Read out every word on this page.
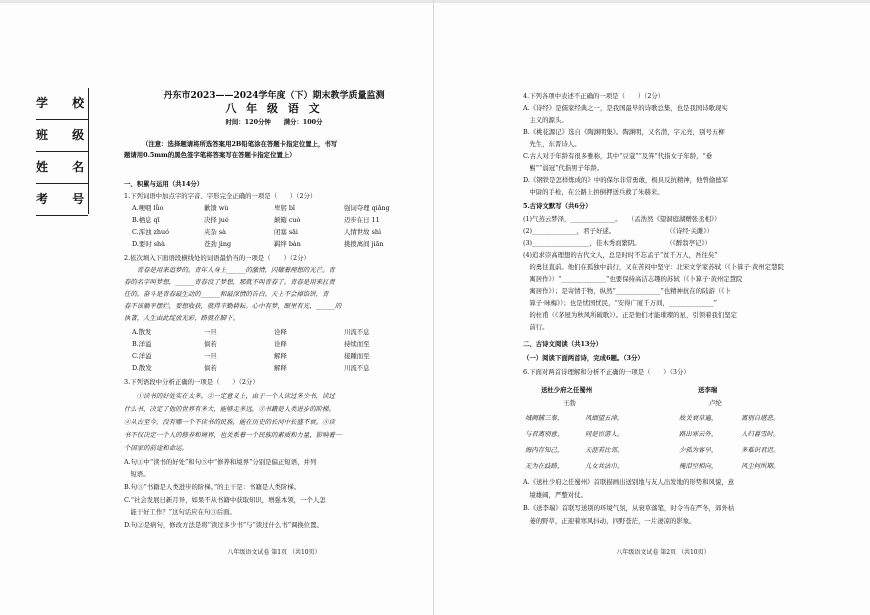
学 校
班 级
姓 名
考 号
丹东市2023——2024学年度（下）期末教学质量监测
八 年 级 语 文
时间：120分钟　　满分：100分
（注意：选择题请将所选答案用2B铅笔涂在答题卡指定位置上，书写
题请用0.5mm的黑色签字笔将答案写在答题卡指定位置上）
一、积累与运用（共14分）
1.下列词语中加点字的字音、字形完全正确的一项是（　　）（2分）
A.哽咽 lǚo	歉馈 wù	卑躬 bǐ	强词夺理 qiǎng
B.栖息 qī	决择 jué	颠簸 cuò	迈步在日 11
C.浑浊 zhuó	夹杂 sà	闭塞 sāi	人情世故 shì
D.要时 shà	苍劲 jìng	羁绊 bàn	挑拨离间 jiān
2.依次填入下面语段横线处的词语最恰当的一项是（　　）（2分）
　　青春是用来追梦的。青年人身上______的激情，闪耀着理想的光芒。青
春的名字叫梦想，______青春没了梦想，那就不叫青春了。青春是用来扛责
任的。奋斗是青春最生动的______和最深情的告白。天上不会掉馅饼，青
春不该躺平摆烂，要想收获，就得辛勤耕耘。心中有梦，眼里有光，______的
执著，人生由此绽放光彩，路就在脚下。
A.散发	一旦	诠释	川流不息
B.洋溢	倘若	诠释	持续而至
C.洋溢	一旦	解释	接踵而至
D.散发	倘若	解释	川流不息
3.下列语段中分析正确的一项是（　　）（2分）
　　①读书的好处实在太多。②一定意义上，由于一个人读过多少书，读过
什么书，决定了他的世界有多大，能够走多远。③书籍是人类进步的阶梯。
④从古至今，没有哪一个不读书的民族，能在历史的长河中长盛不衰。⑤读
书不仅决定一个人的修养和境界，也关系着一个民族的素质和力量，影响着一
个国家的前途和命运。
A.句①中“读书的好处”和句⑤中“修养和境界”分别是偏正短语、并列
　短语。
B.句③“书籍是人类进步的阶梯。”的主干是：书籍是人类阶梯。
C.“社会发展日新月异，如果不从书籍中获取知识，增强本领，一个人怎
　能干好工作？”这句话应在句③后面。
D.句②是病句，修改方法是将“读过多少书”与“读过什么书”调换位置。
八年级语文试卷 第1页 （共10页）
4.下列各项中表述不正确的一项是（　　）（2分）
A.《诗经》是儒家经典之一，是我国最早的诗歌总集，也是我国诗歌现实
　主义的源头。
B.《桃花源记》选自《陶渊明集》。陶渊明，又名潜，字元亮，别号五柳
　先生，东晋诗人。
C.古人对于年龄有很多雅称，其中“豆蔻”“及笄”代指女子年龄，“垂
　髫”“弱冠”代指男子年龄。
D.《钢铁是怎样炼成的》中的保尔非常勇敢，极具反抗精神，他曾偷德军
　中尉的手枪，在公路上拚倒押送兵救了朱赫来。
5.古诗文默写（共6分）
(1)气蒸云梦泽，______________。　　（孟浩然《望洞庭湖赠张丞相》）
(2)______________，君子好逑。　　　　　　　　　（《诗经·关雎》）
(3)__________________，佳木秀而繁阴。　　　　　（《醉翁亭记》）
(4)追求崇高理想的古代文人，总是时时不忘孟子“贫千万人，吾往矣”
　的勇往直前。他们在孤独中前行，又在苦闷中坚守：北宋文学家苏轼（《卜算子·黄州定慧院
　寓居作》）“______________”也要保持高洁志趣的苏轼（《卜算子·黄州定慧院
　寓居作》）；是寄情于物，纵然“______________”也精神抗在的陆游（《卜
　算子·咏梅》）；也是忧国忧民，“安得广厦千万间，______________”
　的杜甫（《茅屋为秋风所破歌》）。正是他们才能璀璨的星，引领着我们坚定
　前行。
二、古诗文阅读（共13分）
（一）阅读下面两首诗，完成6题。（3分）
6.下面对两首诗理解和分析不正确的一项是（　　）（3分）
送杜少府之任蜀州	送李瑞
王勃	卢纶
城阙辅三秦，	风烟望五津。
与君离别意，	同是宦游人。
海内存知己，	天涯若比邻。
无为在歧路，	儿女共沾巾。
故关衰草遍，	离别自堪悲。
路出寒云外，	人归暮雪时。
少孤为客早，	多难识君迟。
掩泪空相向，	风尘何所期。
A.《送杜少府之任蜀州》首联描画出送别地与友人出发地的形势和风貌，意
　境雄阔，严整对仗。
B.《送李瑞》首联写送别的环境气氛，从衰草落笔，时令当在严冬，郊外枯
　萎的野草，正迎着寒风抖动，四野苍茫，一片凄凉的影象。
八年级语文试卷 第2页 （共10页）
